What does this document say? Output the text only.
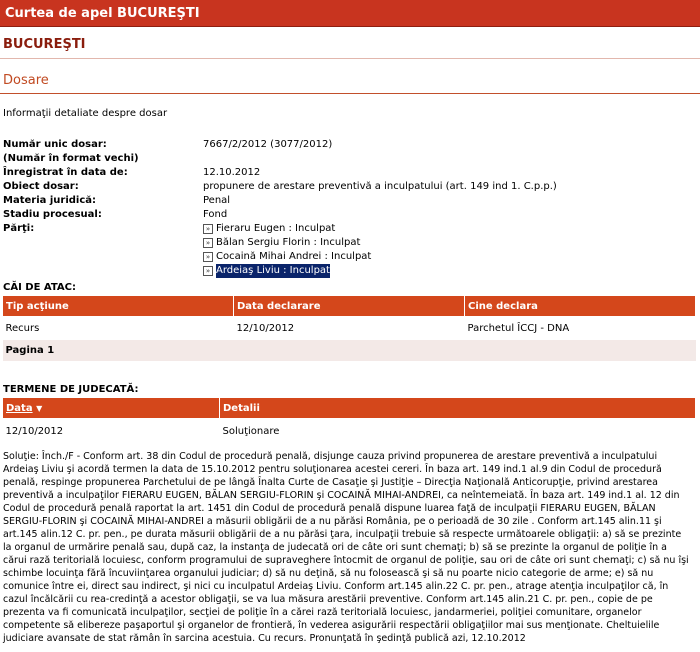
Curtea de apel BUCUREŞTI
BUCUREŞTI
Dosare
Informaţii detaliate despre dosar
Număr unic dosar:	7667/2/2012 (3077/2012)
(Număr în format vechi)
Înregistrat în data de:	12.10.2012
Obiect dosar:	propunere de arestare preventivă a inculpatului (art. 149 ind 1. C.p.p.)
Materia juridică:	Penal
Stadiu procesual:	Fond
Părţi:	» Fieraru Eugen : Inculpat
» Bălan Sergiu Florin : Inculpat
» Cocaină Mihai Andrei : Inculpat
» Ardeiaş Liviu : Inculpat
CĂI DE ATAC:
Tip acţiune	Data declarare	Cine declara
Recurs	12/10/2012	Parchetul ÎCCJ - DNA
Pagina 1		
TERMENE DE JUDECATĂ:
Data ▼	Detalii
12/10/2012	Soluţionare
Soluţie: Înch./F - Conform art. 38 din Codul de procedură penală, disjunge cauza privind propunerea de arestare preventivă a inculpatului Ardeiaş Liviu şi acordă termen la data de 15.10.2012 pentru soluţionarea acestei cereri. În baza art. 149 ind.1 al.9 din Codul de procedură penală, respinge propunerea Parchetului de pe lângă Înalta Curte de Casaţie şi Justiţie – Direcţia Naţională Anticorupţie, privind arestarea preventivă a inculpaţilor FIERARU EUGEN, BĂLAN SERGIU-FLORIN şi COCAINĂ MIHAI-ANDREI, ca neîntemeiată. În baza art. 149 ind.1 al. 12 din Codul de procedură penală raportat la art. 1451 din Codul de procedură penală dispune luarea faţă de inculpaţii FIERARU EUGEN, BĂLAN SERGIU-FLORIN şi COCAINĂ MIHAI-ANDREI a măsurii obligării de a nu părăsi România, pe o perioadă de 30 zile . Conform art.145 alin.11 şi art.145 alin.12 C. pr. pen., pe durata măsurii obligării de a nu părăsi ţara, inculpaţii trebuie să respecte următoarele obligaţii: a) să se prezinte la organul de urmărire penală sau, după caz, la instanţa de judecată ori de câte ori sunt chemaţi; b) să se prezinte la organul de poliţie în a cărui rază teritorială locuiesc, conform programului de supraveghere întocmit de organul de poliţie, sau ori de câte ori sunt chemaţi; c) să nu îşi schimbe locuinţa fără încuviinţarea organului judiciar; d) să nu deţină, să nu folosească şi să nu poarte nicio categorie de arme; e) să nu comunice între ei, direct sau indirect, şi nici cu inculpatul Ardeiaş Liviu. Conform art.145 alin.22 C. pr. pen., atrage atenţia inculpaţilor că, în cazul încălcării cu rea-credinţă a acestor obligaţii, se va lua măsura arestării preventive. Conform art.145 alin.21 C. pr. pen., copie de pe prezenta va fi comunicată inculpaţilor, secţiei de poliţie în a cărei rază teritorială locuiesc, jandarmeriei, poliţiei comunitare, organelor competente să elibereze paşaportul şi organelor de frontieră, în vederea asigurării respectării obligaţiilor mai sus menţionate. Cheltuielile judiciare avansate de stat rămân în sarcina acestuia. Cu recurs. Pronunţată în şedinţă publică azi, 12.10.2012
